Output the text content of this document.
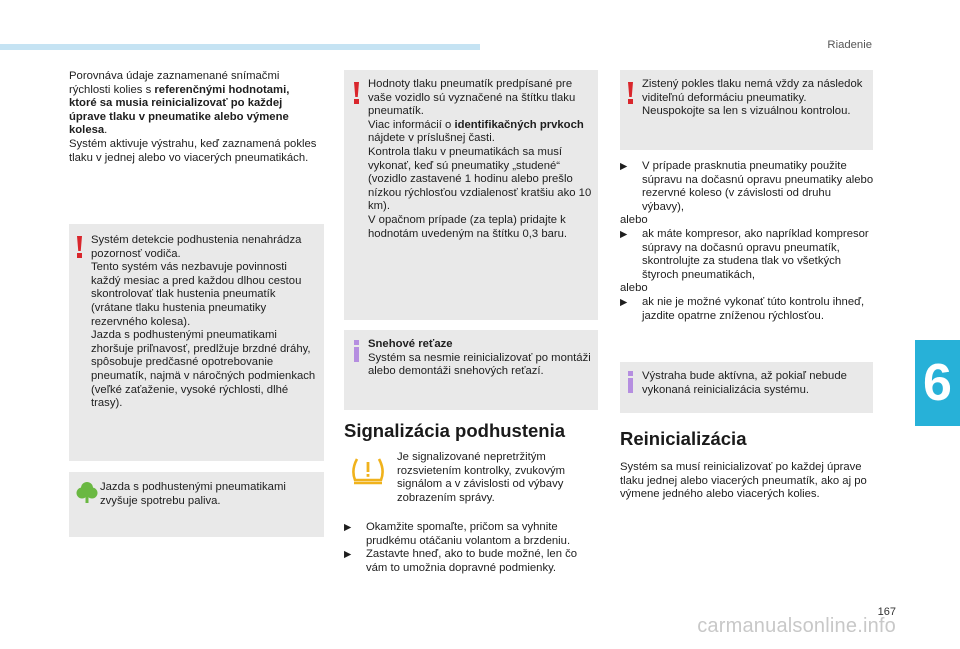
Riadenie
6

Porovnáva údaje zaznamenané snímačmi rýchlosti kolies s referenčnými hodnotami, ktoré sa musia reinicializovať po každej úprave tlaku v pneumatike alebo výmene kolesa.

Systém aktivuje výstrahu, keď zaznamená pokles tlaku v jednej alebo vo viacerých pneumatikách.

Systém detekcie podhustenia nenahrádza pozornosť vodiča.

Tento systém vás nezbavuje povinnosti každý mesiac a pred každou dlhou cestou skontrolovať tlak hustenia pneumatík (vrátane tlaku hustenia pneumatiky rezervného kolesa).

Jazda s podhustenými pneumatikami zhoršuje priľnavosť, predlžuje brzdné dráhy, spôsobuje predčasné opotrebovanie pneumatík, najmä v náročných podmienkach (veľké zaťaženie, vysoké rýchlosti, dlhé trasy).

Jazda s podhustenými pneumatikami zvyšuje spotrebu paliva.

Hodnoty tlaku pneumatík predpísané pre vaše vozidlo sú vyznačené na štítku tlaku pneumatík.

Viac informácií o identifikačných prvkoch nájdete v príslušnej časti.

Kontrola tlaku v pneumatikách sa musí vykonať, keď sú pneumatiky „studené“ (vozidlo zastavené 1 hodinu alebo prešlo nízkou rýchlosťou vzdialenosť kratšiu ako 10 km).

V opačnom prípade (za tepla) pridajte k hodnotám uvedeným na štítku 0,3 baru.

Snehové reťaze

Systém sa nesmie reinicializovať po montáži alebo demontáži snehových reťazí.

Signalizácia podhustenia
Je signalizované nepretržitým rozsvietením kontrolky, zvukovým signálom a v závislosti od výbavy zobrazením správy.
▶ Okamžite spomaľte, pričom sa vyhnite prudkému otáčaniu volantom a brzdeniu.
▶ Zastavte hneď, ako to bude možné, len čo vám to umožnia dopravné podmienky.
Zistený pokles tlaku nemá vždy za následok viditeľnú deformáciu pneumatiky. Neuspokojte sa len s vizuálnou kontrolou.
▶ V prípade prasknutia pneumatiky použite súpravu na dočasnú opravu pneumatiky alebo rezervné koleso (v závislosti od druhu výbavy),
alebo
▶ ak máte kompresor, ako napríklad kompresor súpravy na dočasnú opravu pneumatík, skontrolujte za studena tlak vo všetkých štyroch pneumatikách,
alebo
▶ ak nie je možné vykonať túto kontrolu ihneď, jazdite opatrne zníženou rýchlosťou.
Výstraha bude aktívna, až pokiaľ nebude vykonaná reinicializácia systému.
Reinicializácia
Systém sa musí reinicializovať po každej úprave tlaku jednej alebo viacerých pneumatík, ako aj po výmene jedného alebo viacerých kolies.
167
carmanualsonline.info
